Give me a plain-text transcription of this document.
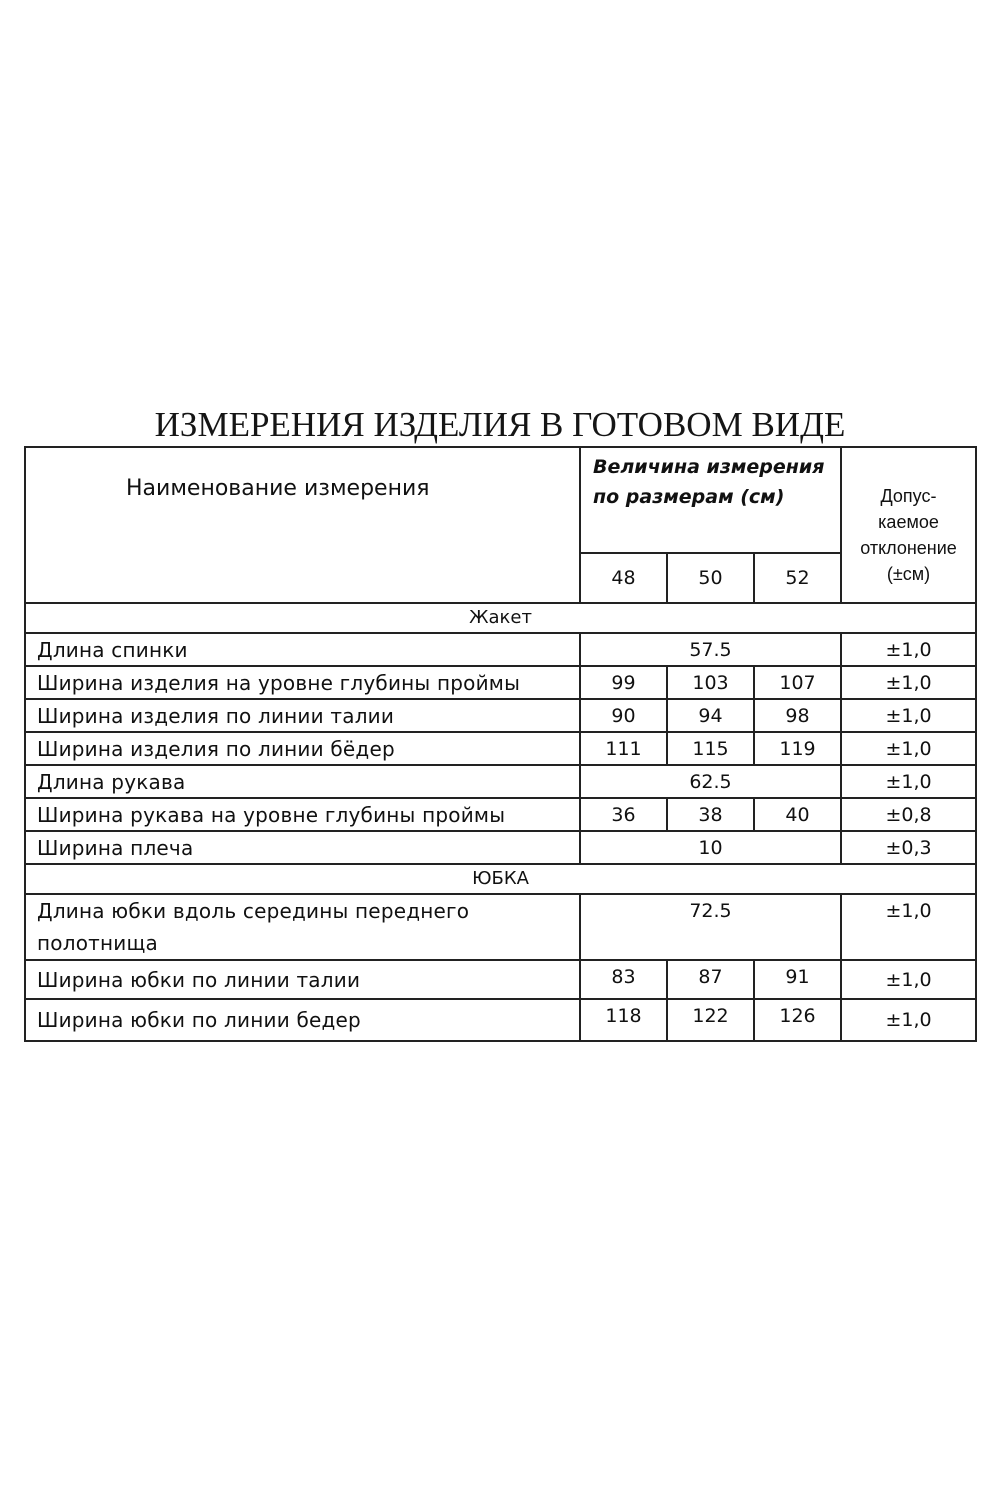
ИЗМЕРЕНИЯ ИЗДЕЛИЯ В ГОТОВОМ ВИДЕ
Наименование измерения	Величина измерения по размерам (см)			Допус-
каемое
отклонение
(±см)

	48	50	52	
Жакет				
Длина спинки	57.5			±1,0
Ширина изделия на уровне глубины проймы	99	103	107	±1,0
Ширина изделия по линии талии	90	94	98	±1,0
Ширина изделия по линии бёдер	111	115	119	±1,0
Длина рукава	62.5			±1,0
Ширина рукава на уровне глубины проймы	36	38	40	±0,8
Ширина плеча	10			±0,3
ЮБКА				
Длина юбки вдоль середины переднего полотнища	72.5			±1,0
Ширина юбки по линии талии	83	87	91	±1,0
Ширина юбки по линии бедер	118	122	126	±1,0
